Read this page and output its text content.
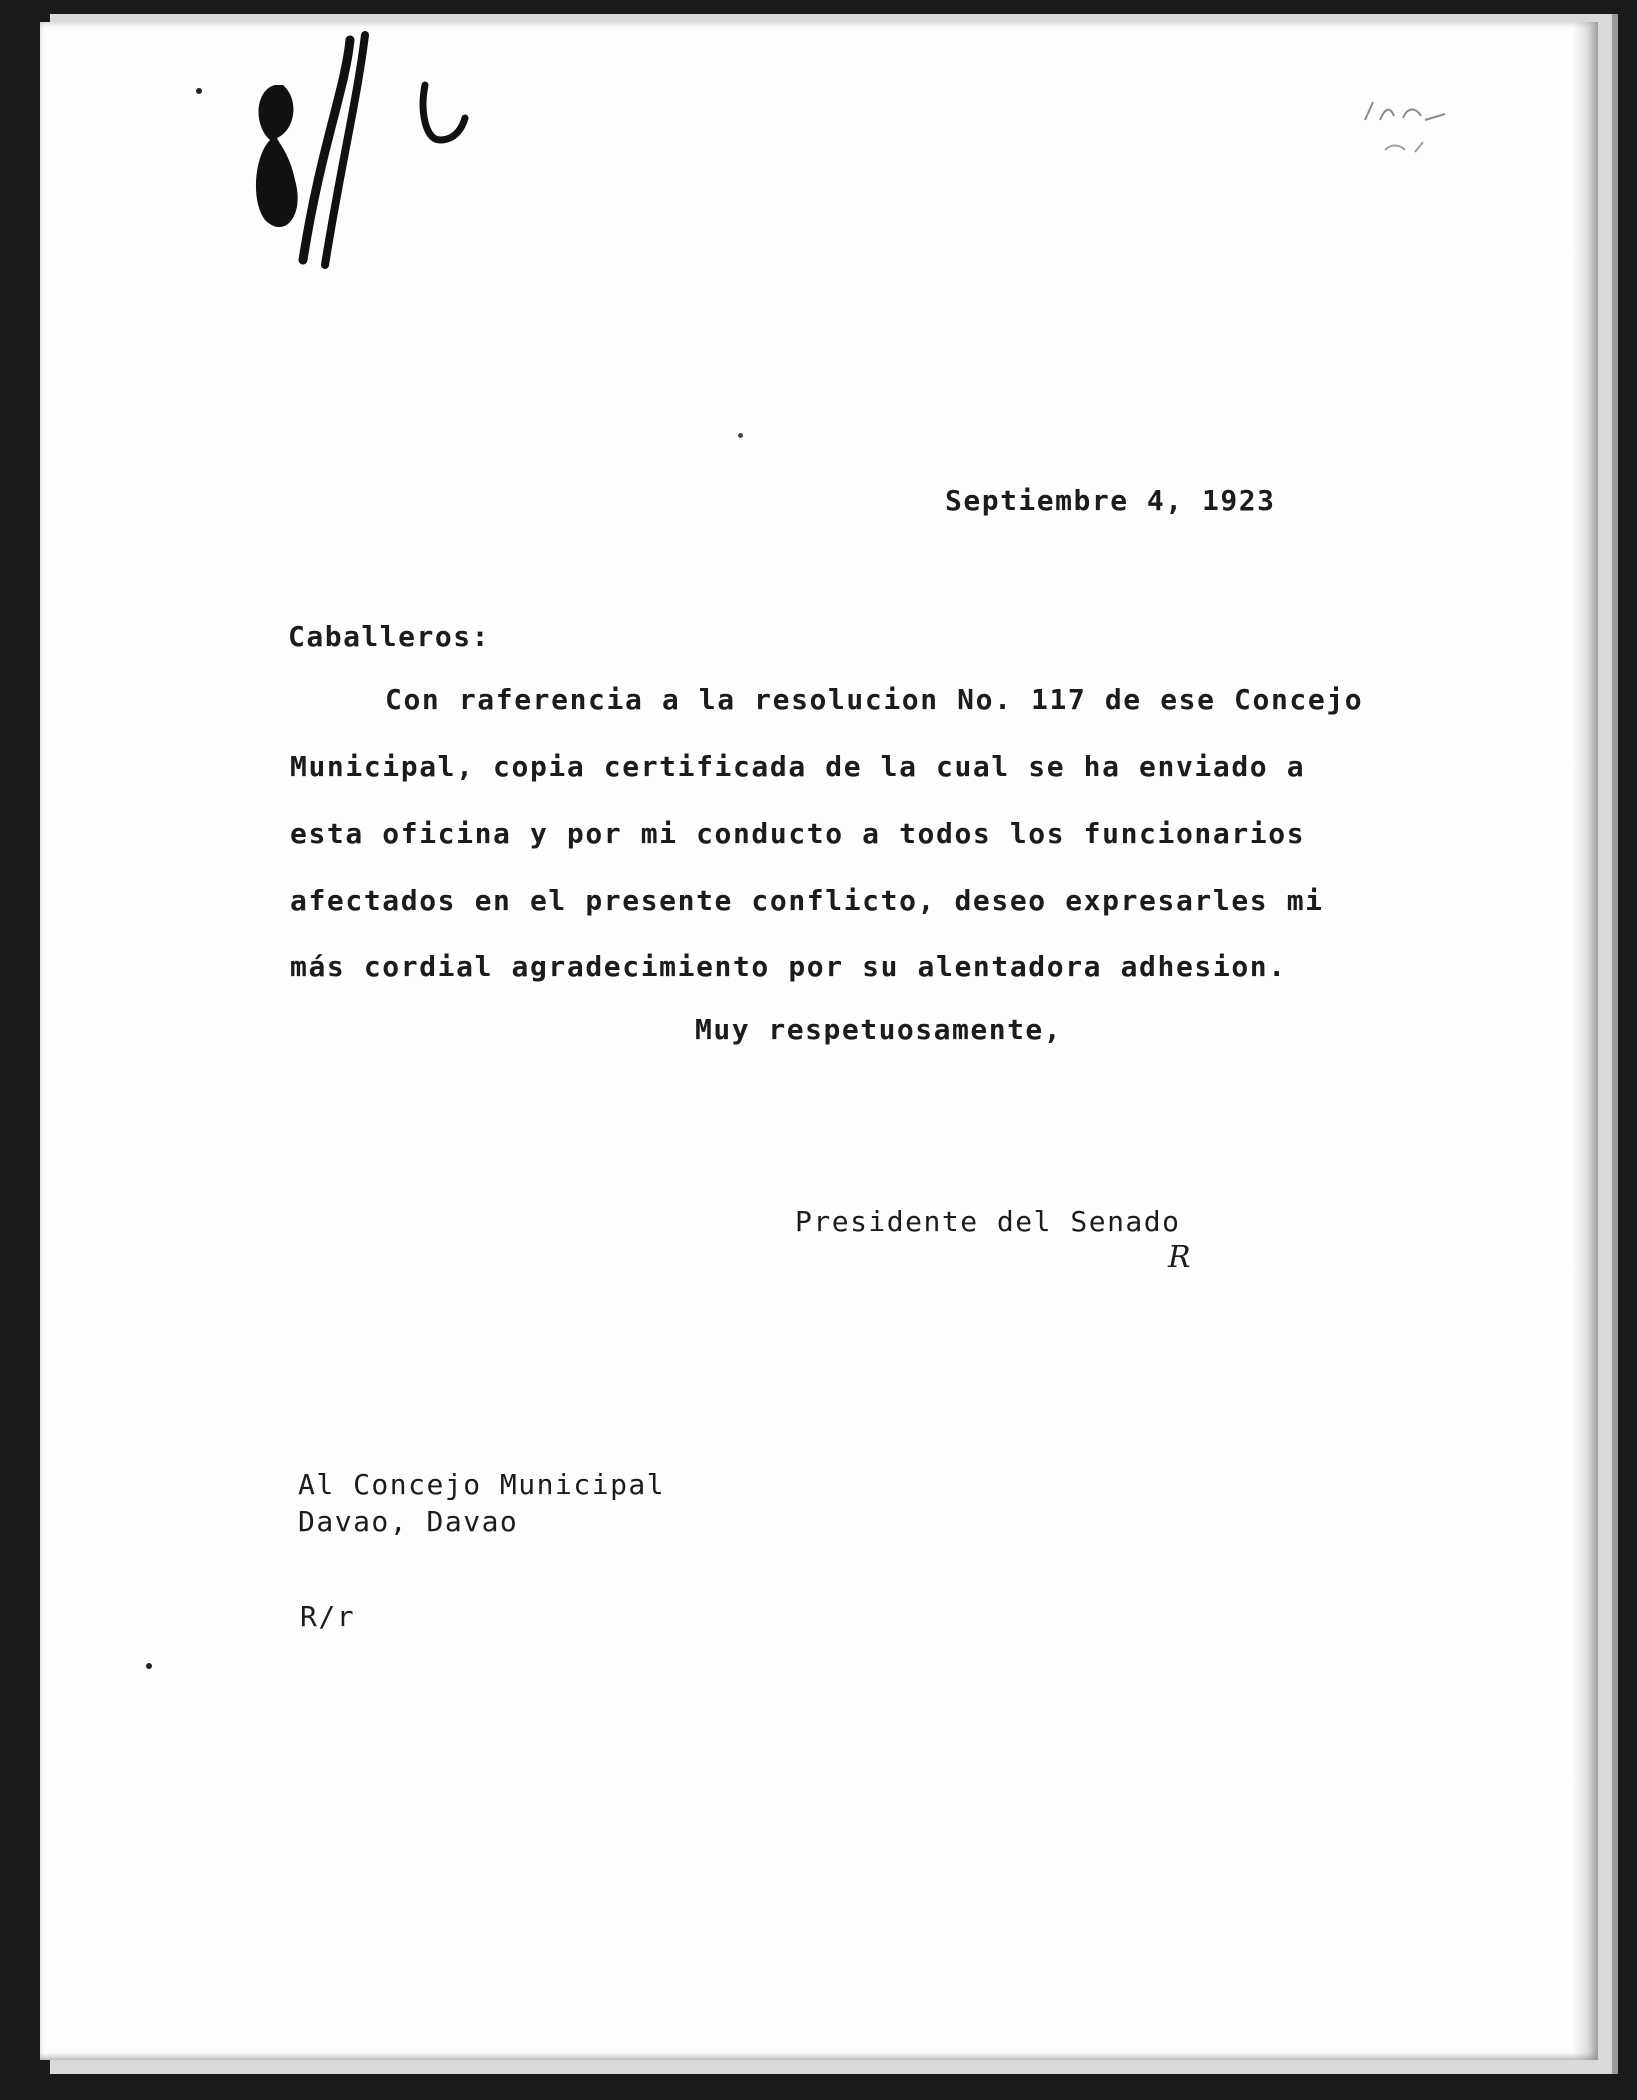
Septiembre 4, 1923
Caballeros:
Con raferencia a la resolucion No. 117 de ese Concejo
Municipal, copia certificada de la cual se ha enviado a
esta oficina y por mi conducto a todos los funcionarios
afectados en el presente conflicto, deseo expresarles mi
más cordial agradecimiento por su alentadora adhesion.
Muy respetuosamente,
Presidente del Senado
R
Al Concejo Municipal
Davao, Davao
R/r
